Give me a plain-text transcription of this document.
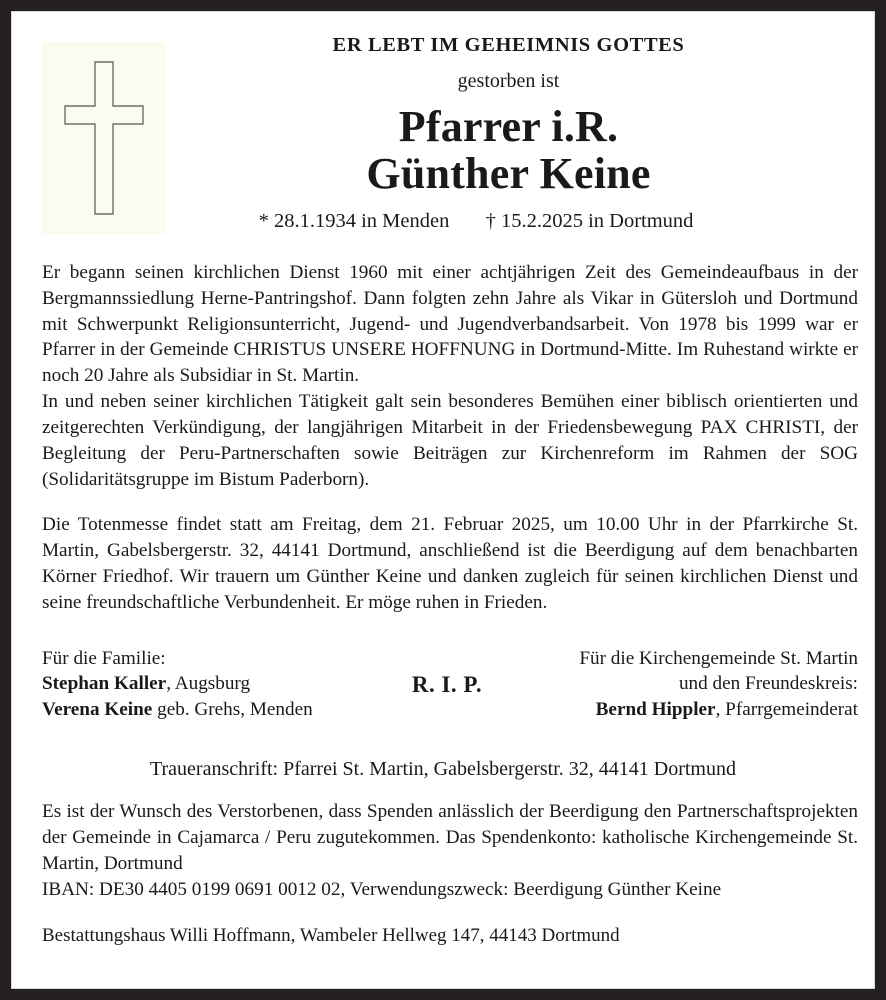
ER LEBT IM GEHEIMNIS GOTTES
gestorben ist
Pfarrer i.R.
Günther Keine
* 28.1.1934 in Menden † 15.2.2025 in Dortmund

Er begann seinen kirchlichen Dienst 1960 mit einer achtjährigen Zeit des Gemeindeaufbaus in der Bergmannssiedlung Herne-Pantringshof. Dann folgten zehn Jahre als Vikar in Gütersloh und Dortmund mit Schwerpunkt Religionsunterricht, Jugend- und Jugendverbandsarbeit. Von 1978 bis 1999 war er Pfarrer in der Gemeinde CHRISTUS UNSERE HOFFNUNG in Dortmund-Mitte. Im Ruhestand wirkte er noch 20 Jahre als Subsidiar in St. Martin.

In und neben seiner kirchlichen Tätigkeit galt sein besonderes Bemühen einer biblisch orientierten und zeitgerechten Verkündigung, der langjährigen Mitarbeit in der Friedensbewegung PAX CHRISTI, der Begleitung der Peru-Partnerschaften sowie Beiträgen zur Kirchenreform im Rahmen der SOG (Solidaritätsgruppe im Bistum Paderborn).

Die Totenmesse findet statt am Freitag, dem 21. Februar 2025, um 10.00 Uhr in der Pfarrkirche St. Martin, Gabelsbergerstr. 32, 44141 Dortmund, anschließend ist die Beerdigung auf dem benachbarten Körner Friedhof. Wir trauern um Günther Keine und danken zugleich für seinen kirchlichen Dienst und seine freundschaftliche Verbundenheit. Er möge ruhen in Frieden.

Für die Familie:
Stephan Kaller, Augsburg
Verena Keine geb. Grehs, Menden
R. I. P.
Für die Kirchengemeinde St. Martin
und den Freundeskreis:
Bernd Hippler, Pfarrgemeinderat
Traueranschrift: Pfarrei St. Martin, Gabelsbergerstr. 32, 44141 Dortmund

Es ist der Wunsch des Verstorbenen, dass Spenden anlässlich der Beerdigung den Partnerschaftsprojekten der Gemeinde in Cajamarca / Peru zugutekommen. Das Spendenkonto: katholische Kirchengemeinde St. Martin, Dortmund

IBAN: DE30 4405 0199 0691 0012 02, Verwendungszweck: Beerdigung Günther Keine

Bestattungshaus Willi Hoffmann, Wambeler Hellweg 147, 44143 Dortmund
